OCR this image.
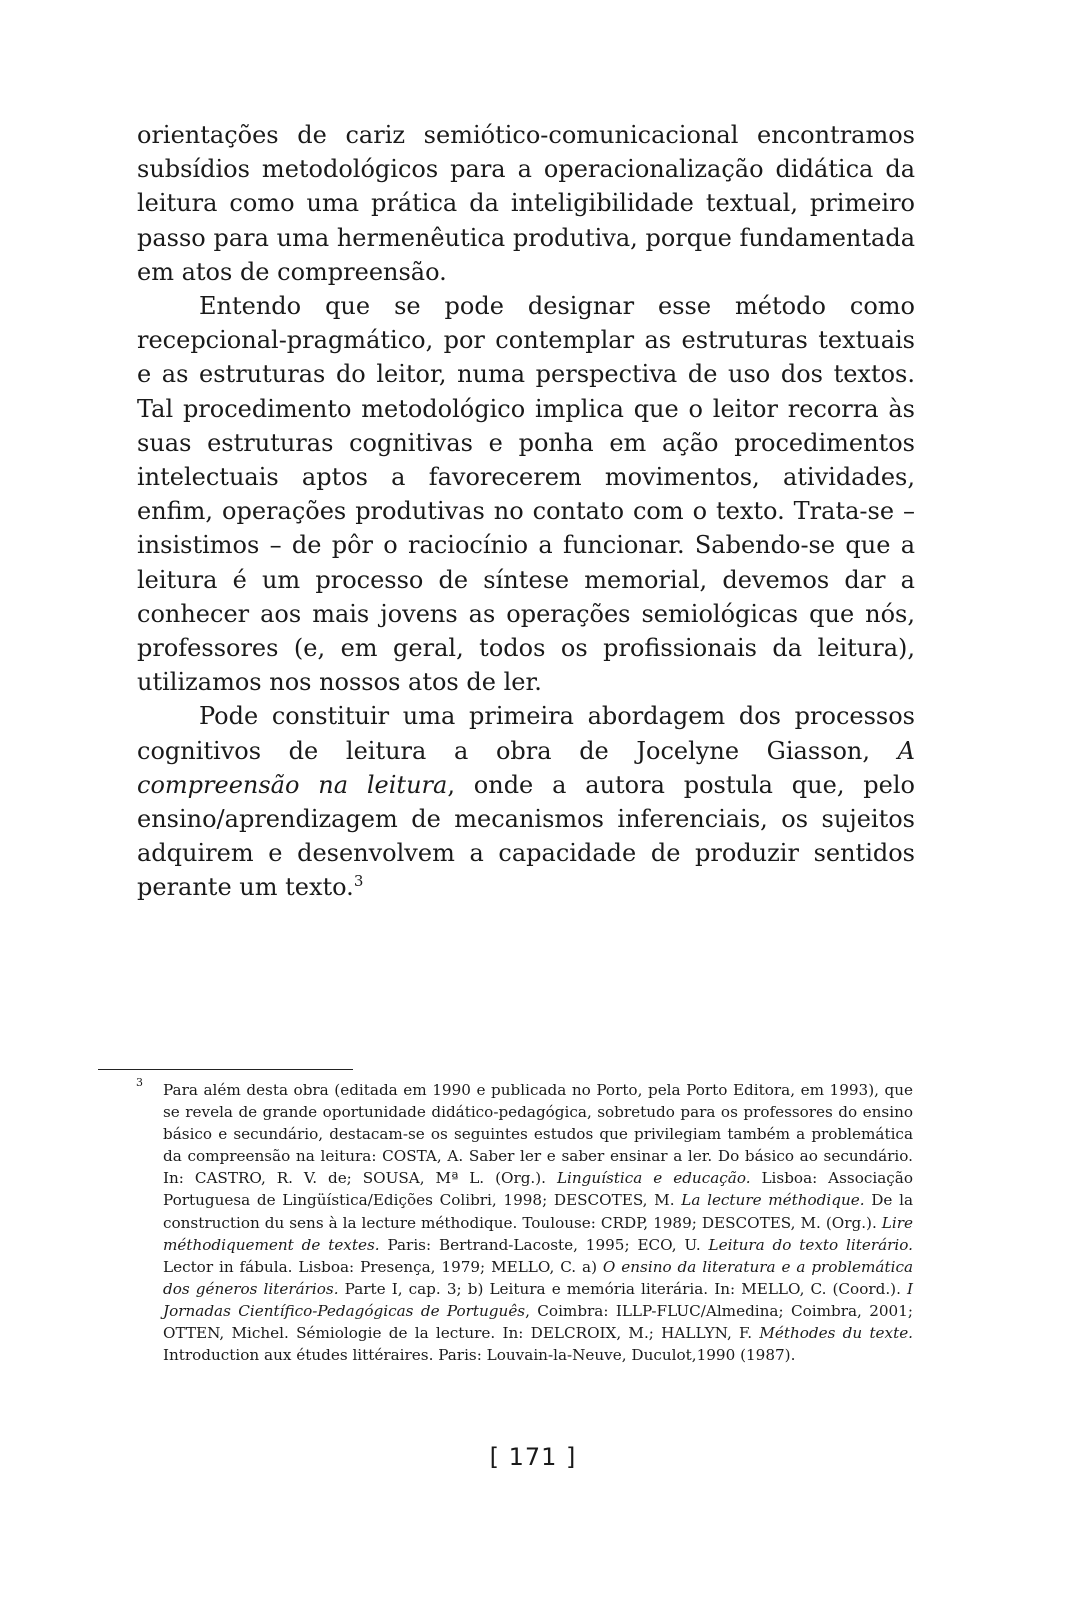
orientações de cariz semiótico-comunicacional encontramos subsídios metodológicos para a operacionalização didática da leitura como uma prática da inteligibilidade textual, primeiro passo para uma hermenêutica produtiva, porque fundamentada em atos de compreensão.

Entendo que se pode designar esse método como recepcional-pragmático, por contemplar as estruturas textuais e as estruturas do leitor, numa perspectiva de uso dos textos. Tal procedimento metodológico implica que o leitor recorra às suas estruturas cognitivas e ponha em ação procedimentos intelectuais aptos a favorecerem movimentos, atividades, enfim, operações produtivas no contato com o texto. Trata-se – insistimos – de pôr o raciocínio a funcionar. Sabendo-se que a leitura é um processo de síntese memorial, devemos dar a conhecer aos mais jovens as operações semiológicas que nós, professores (e, em geral, todos os profissionais da leitura), utilizamos nos nossos atos de ler.

Pode constituir uma primeira abordagem dos processos cognitivos de leitura a obra de Jocelyne Giasson, A compreensão na leitura, onde a autora postula que, pelo ensino/aprendizagem de mecanismos inferenciais, os sujeitos adquirem e desenvolvem a capacidade de produzir sentidos perante um texto.$^3$

3 Para além desta obra (editada em 1990 e publicada no Porto, pela Porto Editora, em 1993), que se revela de grande oportunidade didático-pedagógica, sobretudo para os professores do ensino básico e secundário, destacam-se os seguintes estudos que privilegiam também a problemática da compreensão na leitura: COSTA, A. Saber ler e saber ensinar a ler. Do básico ao secundário. In: CASTRO, R. V. de; SOUSA, Mª L. (Org.). Linguística e educação. Lisboa: Associação Portuguesa de Lingüística/Edições Colibri, 1998; DESCOTES, M. La lecture méthodique. De la construction du sens à la lecture méthodique. Toulouse: CRDP, 1989; DESCOTES, M. (Org.). Lire méthodiquement de textes. Paris: Bertrand-Lacoste, 1995; ECO, U. Leitura do texto literário. Lector in fábula. Lisboa: Presença, 1979; MELLO, C. a) O ensino da literatura e a problemática dos géneros literários. Parte I, cap. 3; b) Leitura e memória literária. In: MELLO, C. (Coord.). I Jornadas Científico-Pedagógicas de Português, Coimbra: ILLP-FLUC/Almedina; Coimbra, 2001; OTTEN, Michel. Sémiologie de la lecture. In: DELCROIX, M.; HALLYN, F. Méthodes du texte. Introduction aux études littéraires. Paris: Louvain-la-Neuve, Duculot,1990 (1987).
[ 171 ]
